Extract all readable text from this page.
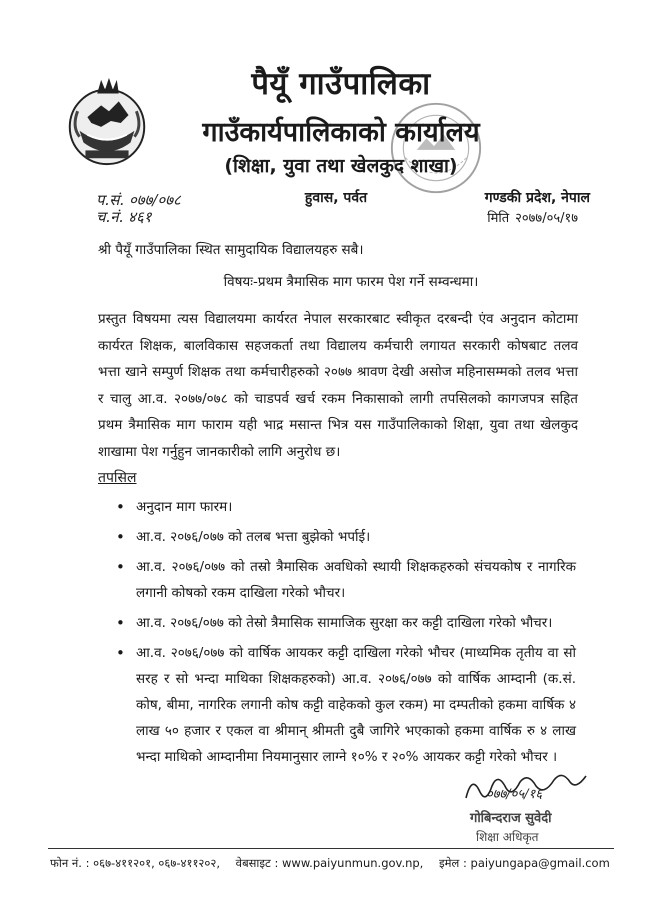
पैयूँ गाउँपालिका
गाउँकार्यपालिकाको कार्यालय
(शिक्षा, युवा तथा खेलकुद शाखा)
प.सं. ०७७/०७८
च.नं. ४६१
हुवास, पर्वत	गण्डकी प्रदेश, नेपाल
मिति २०७७/०५/१७
श्री पैयूँ गाउँपालिका स्थित सामुदायिक विद्यालयहरु सबै।
विषयः-प्रथम त्रैमासिक माग फारम पेश गर्ने सम्वन्धमा।
प्रस्तुत विषयमा त्यस विद्यालयमा कार्यरत नेपाल सरकारबाट स्वीकृत दरबन्दी एंव अनुदान कोटामा कार्यरत शिक्षक, बालविकास सहजकर्ता तथा विद्यालय कर्मचारी लगायत सरकारी कोषबाट तलव भत्ता खाने सम्पुर्ण शिक्षक तथा कर्मचारीहरुको २०७७ श्रावण देखी असोज महिनासम्मको तलव भत्ता र चालु आ.व. २०७७/०७८ को चाडपर्व खर्च रकम निकासाको लागी तपसिलको कागजपत्र सहित प्रथम त्रैमासिक माग फाराम यही भाद्र मसान्त भित्र यस गाउँपालिकाको शिक्षा, युवा तथा खेलकुद शाखामा पेश गर्नुहुन जानकारीको लागि अनुरोध छ।
तपसिल
• अनुदान माग फारम।
• आ.व. २०७६/०७७ को तलब भत्ता बुझेको भर्पाई।
• आ.व. २०७६/०७७ को तस्रो त्रैमासिक अवधिको स्थायी शिक्षकहरुको संचयकोष र नागरिक लगानी कोषको रकम दाखिला गरेको भौचर।
• आ.व. २०७६/०७७ को तेस्रो त्रैमासिक सामाजिक सुरक्षा कर कट्टी दाखिला गरेको भौचर।
• आ.व. २०७६/०७७ को वार्षिक आयकर कट्टी दाखिला गरेको भौचर (माध्यमिक तृतीय वा सो सरह र सो भन्दा माथिका शिक्षकहरुको) आ.व. २०७६/०७७ को वार्षिक आम्दानी (क.सं. कोष, बीमा, नागरिक लगानी कोष कट्टी वाहेकको कुल रकम) मा दम्पतीको हकमा वार्षिक ४ लाख ५० हजार र एकल वा श्रीमान् श्रीमती दुबै जागिरे भएकाको हकमा वार्षिक रु ४ लाख भन्दा माथिको आम्दानीमा नियमानुसार लाग्ने १०% र २०% आयकर कट्टी गरेको भौचर ।
०७७/०५/१६
गोबिन्दराज सुवेदी
शिक्षा अधिकृत
फोन नं. : ०६७-४११२०१, ०६७-४११२०२, वेबसाइट : www.paiyunmun.gov.np, इमेल : paiyungapa@gmail.com
